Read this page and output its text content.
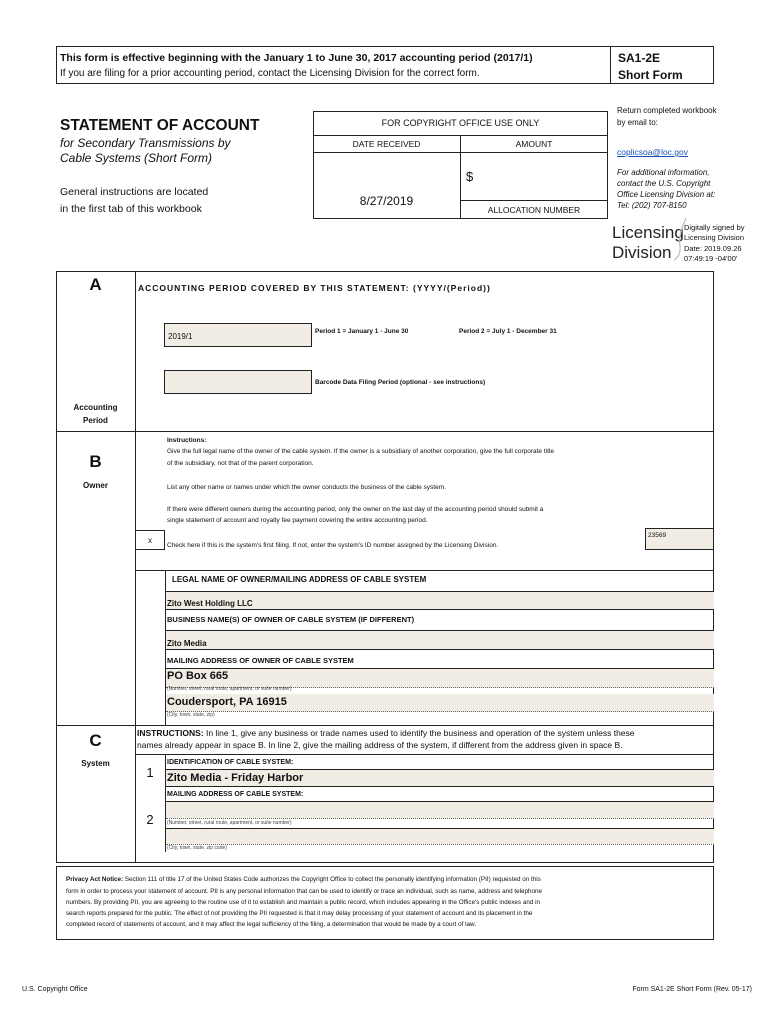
This form is effective beginning with the January 1 to June 30, 2017 accounting period (2017/1)
If you are filing for a prior accounting period, contact the Licensing Division for the correct form.
SA1-2E
Short Form
STATEMENT OF ACCOUNT
for Secondary Transmissions by
Cable Systems (Short Form)
General instructions are located
in the first tab of this workbook
FOR COPYRIGHT OFFICE USE ONLY
DATE RECEIVED	AMOUNT
8/27/2019
$
ALLOCATION NUMBER
Return completed workbook
by email to:
coplicsoa@loc.gov
For additional information,
contact the U.S. Copyright
Office Licensing Division at:
Tel: (202) 707-8150
Licensing
Division
Digitally signed by
Licensing Division
Date: 2019.09.26
07:49:19 -04'00'
A
Accounting
Period
ACCOUNTING PERIOD COVERED BY THIS STATEMENT: (YYYY/(Period))
2019/1
Period 1 = January 1 - June 30	Period 2 = July 1 - December 31
Barcode Data Filing Period (optional - see instructions)
B
Owner
Instructions:
Give the full legal name of the owner of the cable system. If the owner is a subsidiary of another corporation, give the full corporate title
of the subsidiary, not that of the parent corporation.
List any other name or names under which the owner conducts the business of the cable system.
If there were different owners during the accounting period, only the owner on the last day of the accounting period should submit a
single statement of account and royalty fee payment covering the entire accounting period.
x
Check here if this is the system's first filing. If not, enter the system's ID number assigned by the Licensing Division.
23569
LEGAL NAME OF OWNER/MAILING ADDRESS OF CABLE SYSTEM
Zito West Holding LLC
BUSINESS NAME(S) OF OWNER OF CABLE SYSTEM (IF DIFFERENT)
Zito Media
MAILING ADDRESS OF OWNER OF CABLE SYSTEM
PO Box 665
(Number, street, rural route, apartment, or suite number)
Coudersport, PA 16915
(City, town, state, zip)
C
System
INSTRUCTIONS: In line 1, give any business or trade names used to identify the business and operation of the system unless these
names already appear in space B. In line 2, give the mailing address of the system, if different from the address given in space B.
IDENTIFICATION OF CABLE SYSTEM:
1	Zito Media - Friday Harbor
MAILING ADDRESS OF CABLE SYSTEM:
2	(Number, street, rural route, apartment, or suite number)
(City, town, state, zip code)
Privacy Act Notice: Section 111 of title 17 of the United States Code authorizes the Copyright Office to collect the personally identifying information (PII) requested on this
form in order to process your statement of account. PII is any personal information that can be used to identify or trace an individual, such as name, address and telephone
numbers. By providing PII, you are agreeing to the routine use of it to establish and maintain a public record, which includes appearing in the Office's public indexes and in
search reports prepared for the public. The effect of not providing the PII requested is that it may delay processing of your statement of account and its placement in the
completed record of statements of account, and it may affect the legal sufficiency of the filing, a determination that would be made by a court of law.
U.S. Copyright Office	Form SA1-2E Short Form (Rev. 05-17)
